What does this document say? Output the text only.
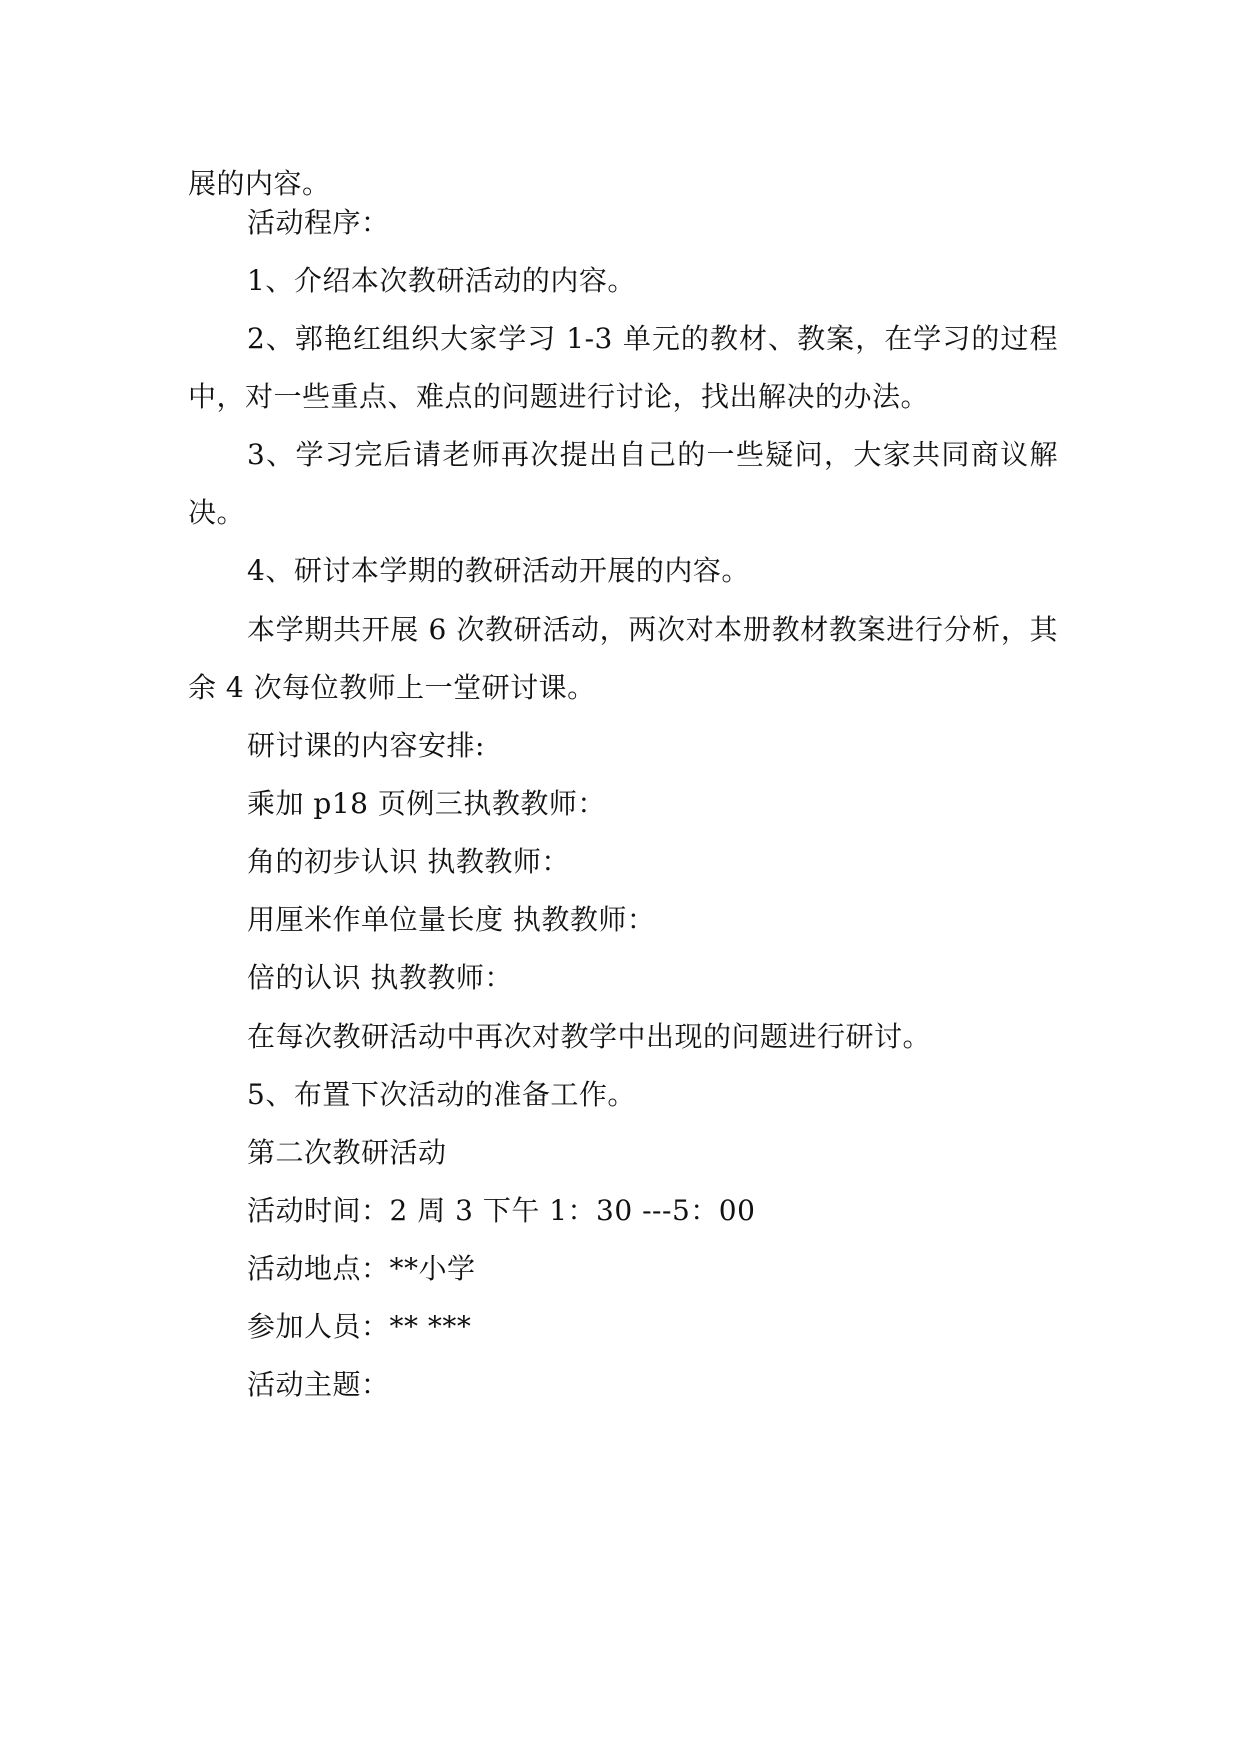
展的内容。
活动程序：
1、介绍本次教研活动的内容。
2、郭艳红组织大家学习 1-3 单元的教材、教案，在学习的过程
中，对一些重点、难点的问题进行讨论，找出解决的办法。
3、学习完后请老师再次提出自己的一些疑问，大家共同商议解
决。
4、研讨本学期的教研活动开展的内容。
本学期共开展 6 次教研活动，两次对本册教材教案进行分析，其
余 4 次每位教师上一堂研讨课。
研讨课的内容安排:
乘加 p18 页例三执教教师：
角的初步认识 执教教师：
用厘米作单位量长度 执教教师：
倍的认识 执教教师：
在每次教研活动中再次对教学中出现的问题进行研讨。
5、布置下次活动的准备工作。
第二次教研活动
活动时间：2 周 3 下午 1：30 ---5：00
活动地点：**小学
参加人员：** ***
活动主题：
